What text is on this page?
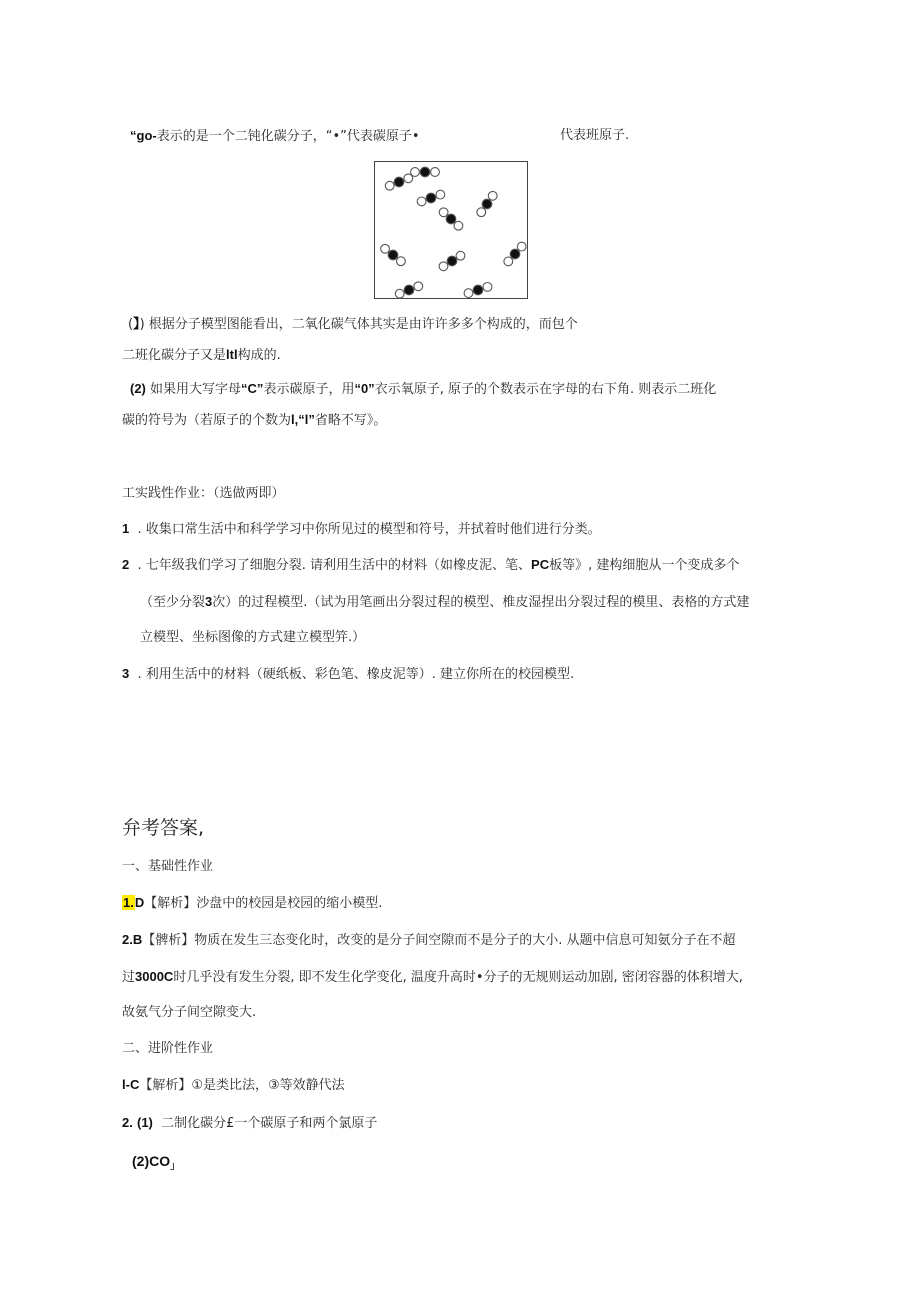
“go-表示的是一个二钝化碳分子，“•”代表碳原子•	代表班原子.
(】) 根据分子模型图能看出，二氧化碳气体其实是由许许多多个构成的，而包个
二班化碳分子又是ltl构成的.
(2) 如果用大写字母“C”表示碳原子，用“0”衣示氧原子, 原子的个数表示在字母的右下角. 则表示二班化
碳的符号为（若原子的个数为l,“l”省略不写》。
工实践性作业：（选做两即）
1 . 收集口常生活中和科学学习中你所见过的模型和符号，并拭着时他们进行分类。
2 . 七年级我们学习了细胞分裂. 请利用生活中的材料（如橡皮泥、笔、PC板等》, 建构细胞从一个变成多个
（至少分裂3次）的过程模型.（试为用笔画出分裂过程的模型、椎皮湿捏出分裂过程的模里、表格的方式建
立模型、坐标图像的方式建立模型笄.）
3 . 利用生活中的材料（硬纸板、彩色笔、橡皮泥等）. 建立你所在的校园模型.
弁考答案,
一、基础性作业
1.D【解析】沙盘中的校园是校园的缩小模型.
2.B【髀析】物质在发生三态变化时，改变的是分子间空隙而不是分子的大小. 从题中信息可知氨分子在不超
过3000C时几乎没有发生分裂, 即不发生化学变化, 温度升高时•分子的无规则运动加剧, 密闭容器的体积增大,
故氨气分子间空隙变大.
二、进阶性作业
l-C【解析】①是类比法，③等效静代法
2. (1) 二制化碳分£一个碳原子和两个氯原子
$(2)CO_」$
